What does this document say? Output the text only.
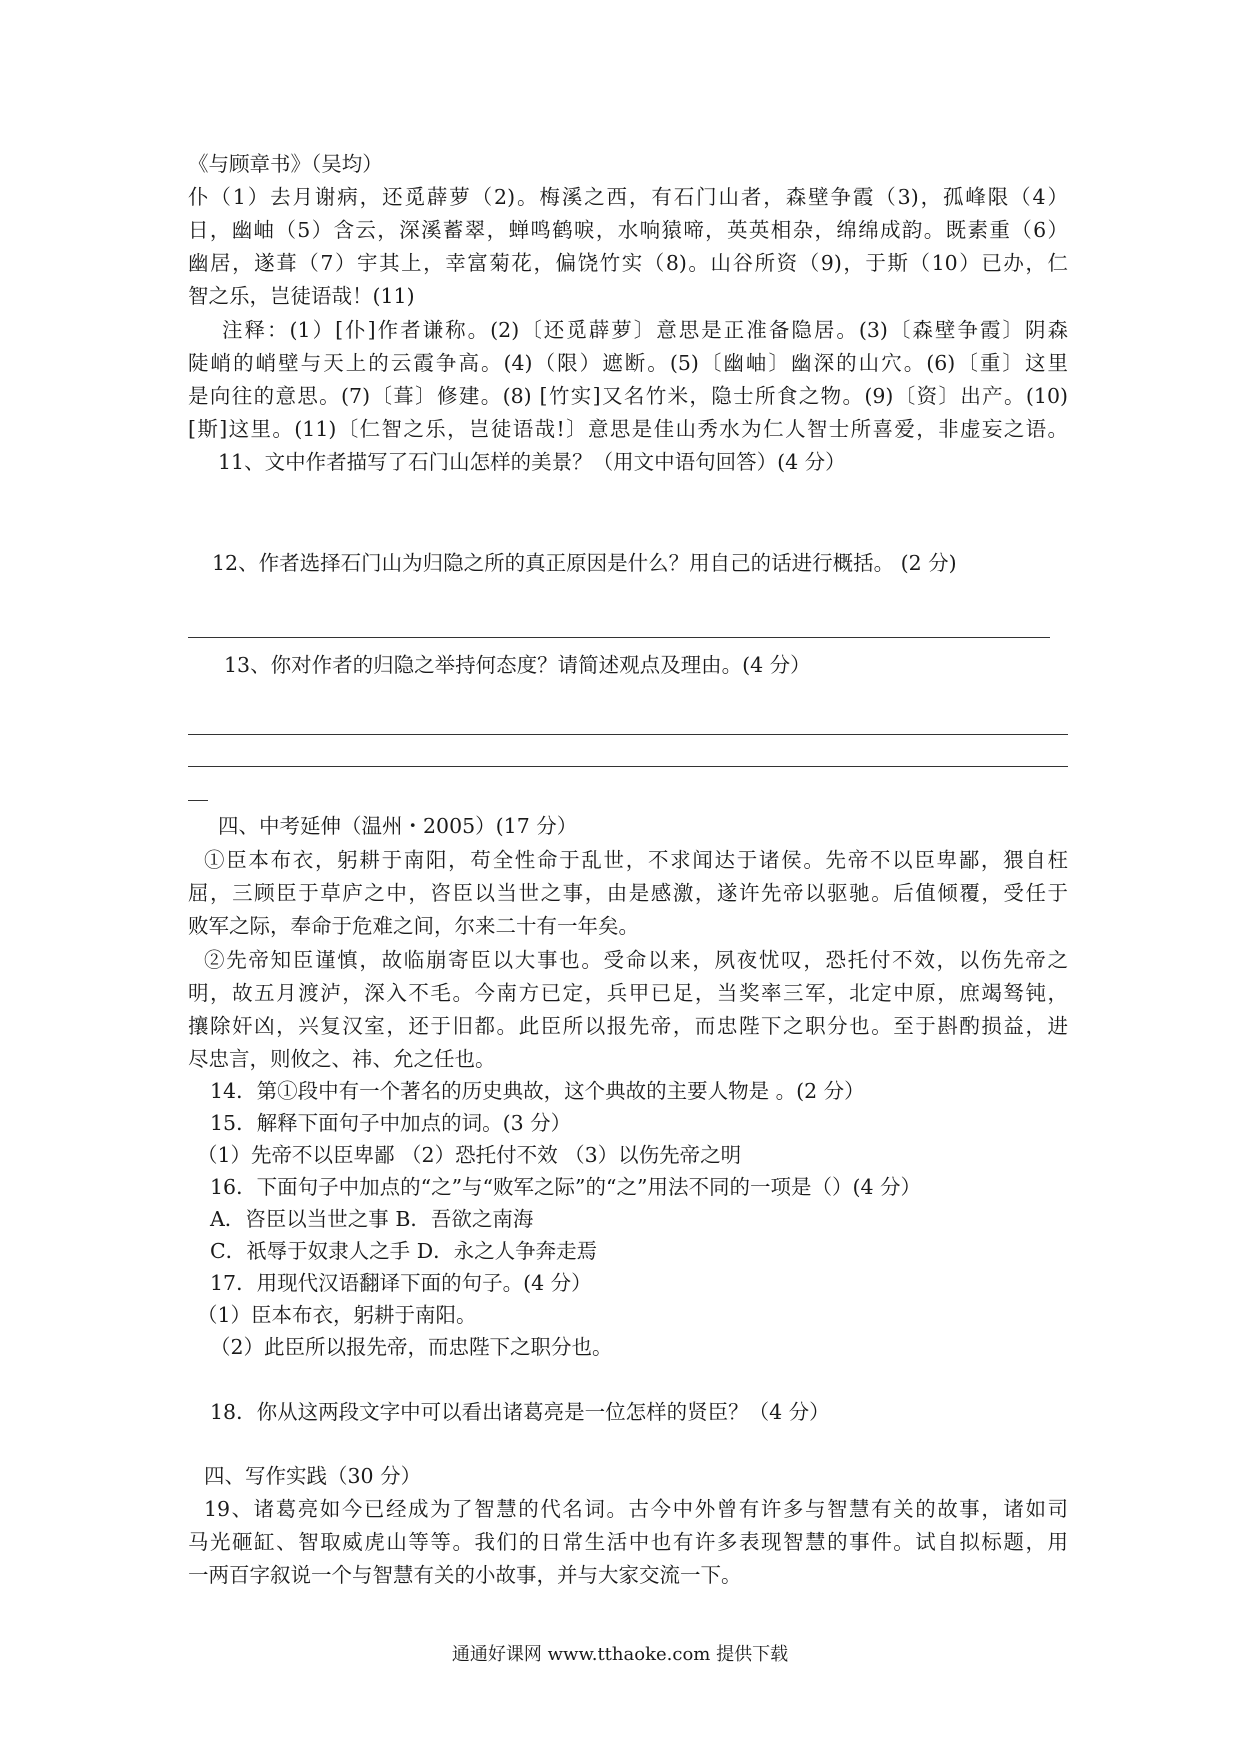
《与顾章书》（吴均）
仆（1）去月谢病，还觅薜萝（2)。梅溪之西，有石门山者，森壁争霞（3)，孤峰限（4）
日，幽岫（5）含云，深溪蓄翠，蝉鸣鹤唳，水响猿啼，英英相杂，绵绵成韵。既素重（6）
幽居，遂葺（7）宇其上，幸富菊花，偏饶竹实（8)。山谷所资（9)，于斯（10）已办，仁
智之乐，岂徒语哉！(11)
注释：(1）[仆]作者谦称。(2)〔还觅薜萝〕意思是正准备隐居。(3)〔森壁争霞〕阴森
陡峭的峭壁与天上的云霞争高。(4)（限）遮断。(5)〔幽岫〕幽深的山穴。(6)〔重〕这里
是向往的意思。(7)〔葺〕修建。(8) [竹实]又名竹米，隐士所食之物。(9)〔资〕出产。(10)
[斯]这里。(11)〔仁智之乐，岂徒语哉!〕意思是佳山秀水为仁人智士所喜爱，非虚妄之语。
11、文中作者描写了石门山怎样的美景？（用文中语句回答）(4 分）
12、作者选择石门山为归隐之所的真正原因是什么？用自己的话进行概括。 (2 分)
13、你对作者的归隐之举持何态度？请简述观点及理由。(4 分）
四、中考延伸（温州・2005）(17 分）
①臣本布衣，躬耕于南阳，苟全性命于乱世，不求闻达于诸侯。先帝不以臣卑鄙，猥自枉
屈，三顾臣于草庐之中，咨臣以当世之事，由是感激，遂许先帝以驱驰。后值倾覆，受任于
败军之际，奉命于危难之间，尔来二十有一年矣。
②先帝知臣谨慎，故临崩寄臣以大事也。受命以来，夙夜忧叹，恐托付不效，以伤先帝之
明，故五月渡泸，深入不毛。今南方已定，兵甲已足，当奖率三军，北定中原，庶竭驽钝，
攘除奸凶，兴复汉室，还于旧都。此臣所以报先帝，而忠陛下之职分也。至于斟酌损益，进
尽忠言，则攸之、祎、允之任也。
14．第①段中有一个著名的历史典故，这个典故的主要人物是 。(2 分）
15．解释下面句子中加点的词。(3 分）
（1）先帝不以臣卑鄙 （2）恐托付不效 （3）以伤先帝之明
16．下面句子中加点的“之”与“败军之际”的“之”用法不同的一项是（）(4 分）
A．咨臣以当世之事 B．吾欲之南海
C．祇辱于奴隶人之手 D．永之人争奔走焉
17．用现代汉语翻译下面的句子。(4 分）
（1）臣本布衣，躬耕于南阳。
（2）此臣所以报先帝，而忠陛下之职分也。
18．你从这两段文字中可以看出诸葛亮是一位怎样的贤臣？（4 分）
四、写作实践（30 分）
19、诸葛亮如今已经成为了智慧的代名词。古今中外曾有许多与智慧有关的故事，诸如司
马光砸缸、智取威虎山等等。我们的日常生活中也有许多表现智慧的事件。试自拟标题，用
一两百字叙说一个与智慧有关的小故事，并与大家交流一下。
通通好课网 www.tthaoke.com 提供下载
